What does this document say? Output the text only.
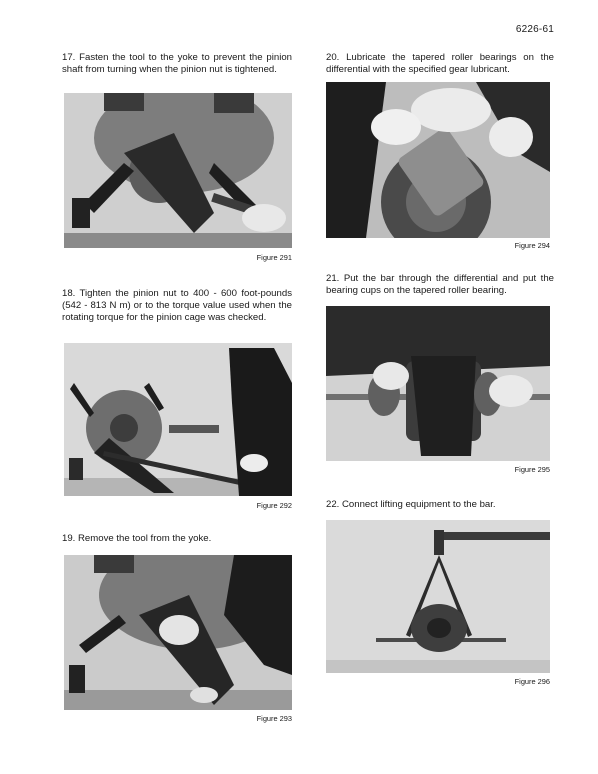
6226-61

17. Fasten the tool to the yoke to prevent the pinion shaft from turning when the pinion nut is tightened.

Figure 291

18. Tighten the pinion nut to 400 - 600 foot-pounds (542 - 813 N m) or to the torque value used when the rotating torque for the pinion cage was checked.

Figure 292

19. Remove the tool from the yoke.

Figure 293

20. Lubricate the tapered roller bearings on the differential with the specified gear lubricant.

Figure 294

21. Put the bar through the differential and put the bearing cups on the tapered roller bearing.

Figure 295

22. Connect lifting equipment to the bar.

Figure 296
